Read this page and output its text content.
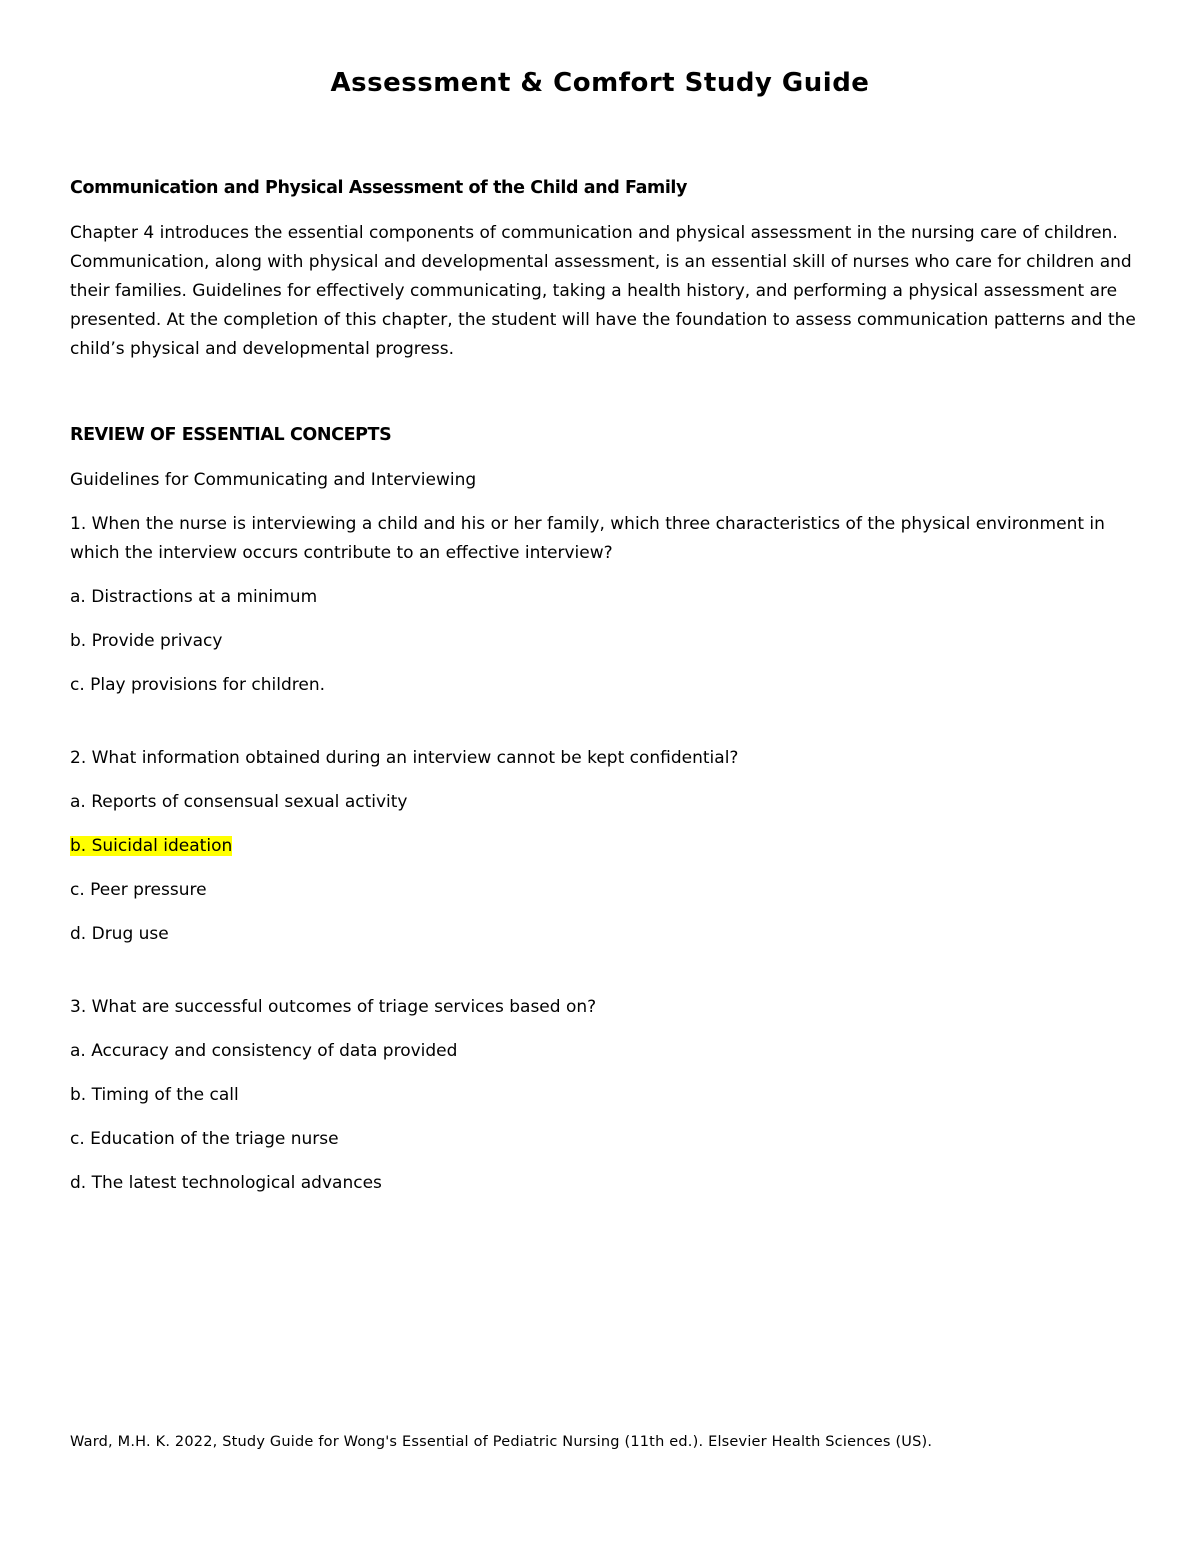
Assessment & Comfort Study Guide

Communication and Physical Assessment of the Child and Family

Chapter 4 introduces the essential components of communication and physical assessment in the nursing care of children. Communication, along with physical and developmental assessment, is an essential skill of nurses who care for children and their families. Guidelines for effectively communicating, taking a health history, and performing a physical assessment are presented. At the completion of this chapter, the student will have the foundation to assess communication patterns and the child’s physical and developmental progress.

REVIEW OF ESSENTIAL CONCEPTS

Guidelines for Communicating and Interviewing

1. When the nurse is interviewing a child and his or her family, which three characteristics of the physical environment in which the interview occurs contribute to an effective interview?

a. Distractions at a minimum

b. Provide privacy

c. Play provisions for children.

2. What information obtained during an interview cannot be kept confidential?

a. Reports of consensual sexual activity

b. Suicidal ideation

c. Peer pressure

d. Drug use

3. What are successful outcomes of triage services based on?

a. Accuracy and consistency of data provided

b. Timing of the call

c. Education of the triage nurse

d. The latest technological advances

Ward, M.H. K. 2022, Study Guide for Wong's Essential of Pediatric Nursing (11th ed.). Elsevier Health Sciences (US).
